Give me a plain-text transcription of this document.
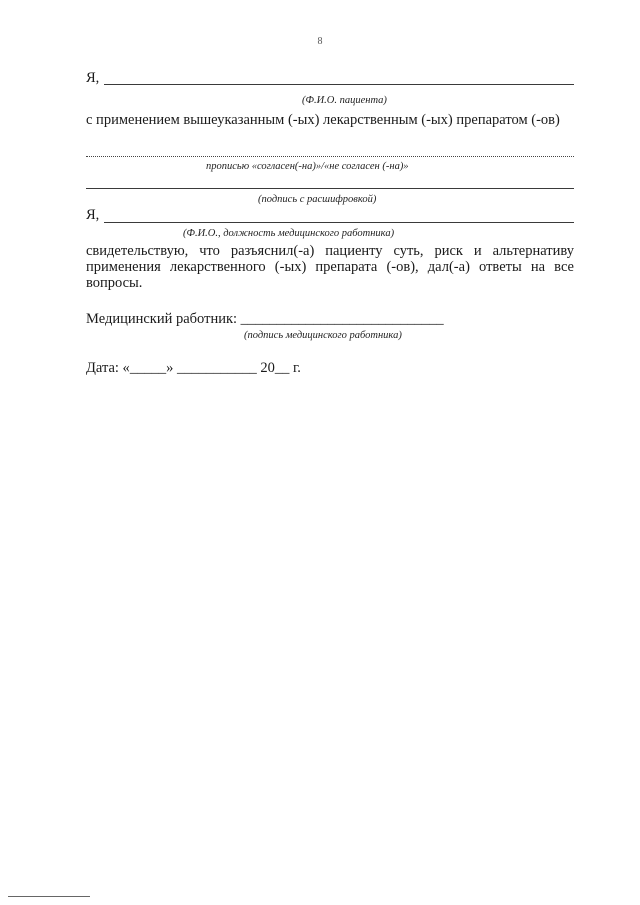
8
Я,
(Ф.И.О. пациента)
с применением вышеуказанным (-ых) лекарственным (-ых) препаратом (-ов)
прописью «согласен(-на)»/«не согласен (-на)»
(подпись с расшифровкой)
Я,
(Ф.И.О., должность медицинского работника)
свидетельствую, что разъяснил(-а) пациенту суть, риск и альтернативу применения лекарственного (-ых) препарата (-ов), дал(-а) ответы на все вопросы.
Медицинский работник: ____________________________
(подпись медицинского работника)
Дата: «_____» ___________ 20__ г.
